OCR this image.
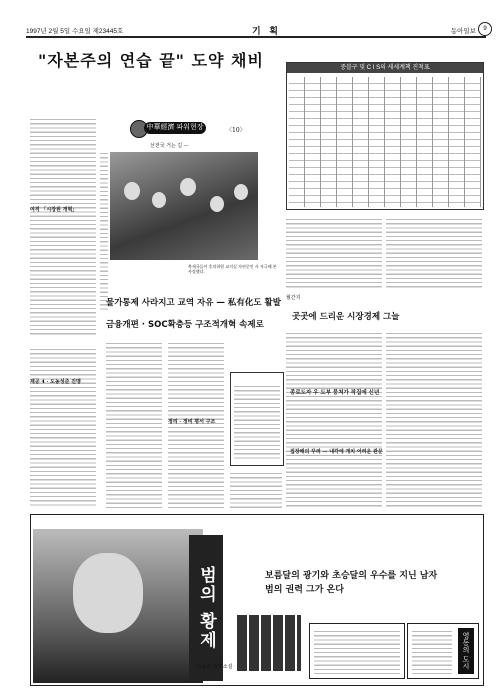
1997년 2월 5일 수요일 제23445호	기 획	동아일보	9
"자본주의 연습 끝" 도약 채비
여직 「시장원 개혁」
제공 4 · 도농성준 진맹
中華經濟 파워현장	〈10〉
선전국 거는 길 —
북제국들이 후의하원 교지실 자연중인 사 자극해 본 사정했다.
물가통제 사라지고 교역 자유 — 私有化도 활발
금융개편 · SOC확충등 구조적개혁 속제로
정리 · 정비 평서 구조
중블구 및 C I S의 새세계책 진척표
월간지
곳곳에 드리운 시장경제 그늘
종로도자 우 도부 뭉쳐가 작집에 신년
집장해의 꾸려 — 내각에 개치 어려운 관문
범의 황제	보름달의 광기와 초승달의 우수를 지닌 남자
범의 권력 그가 온다
이윤호 장편소설	영동의 도시
